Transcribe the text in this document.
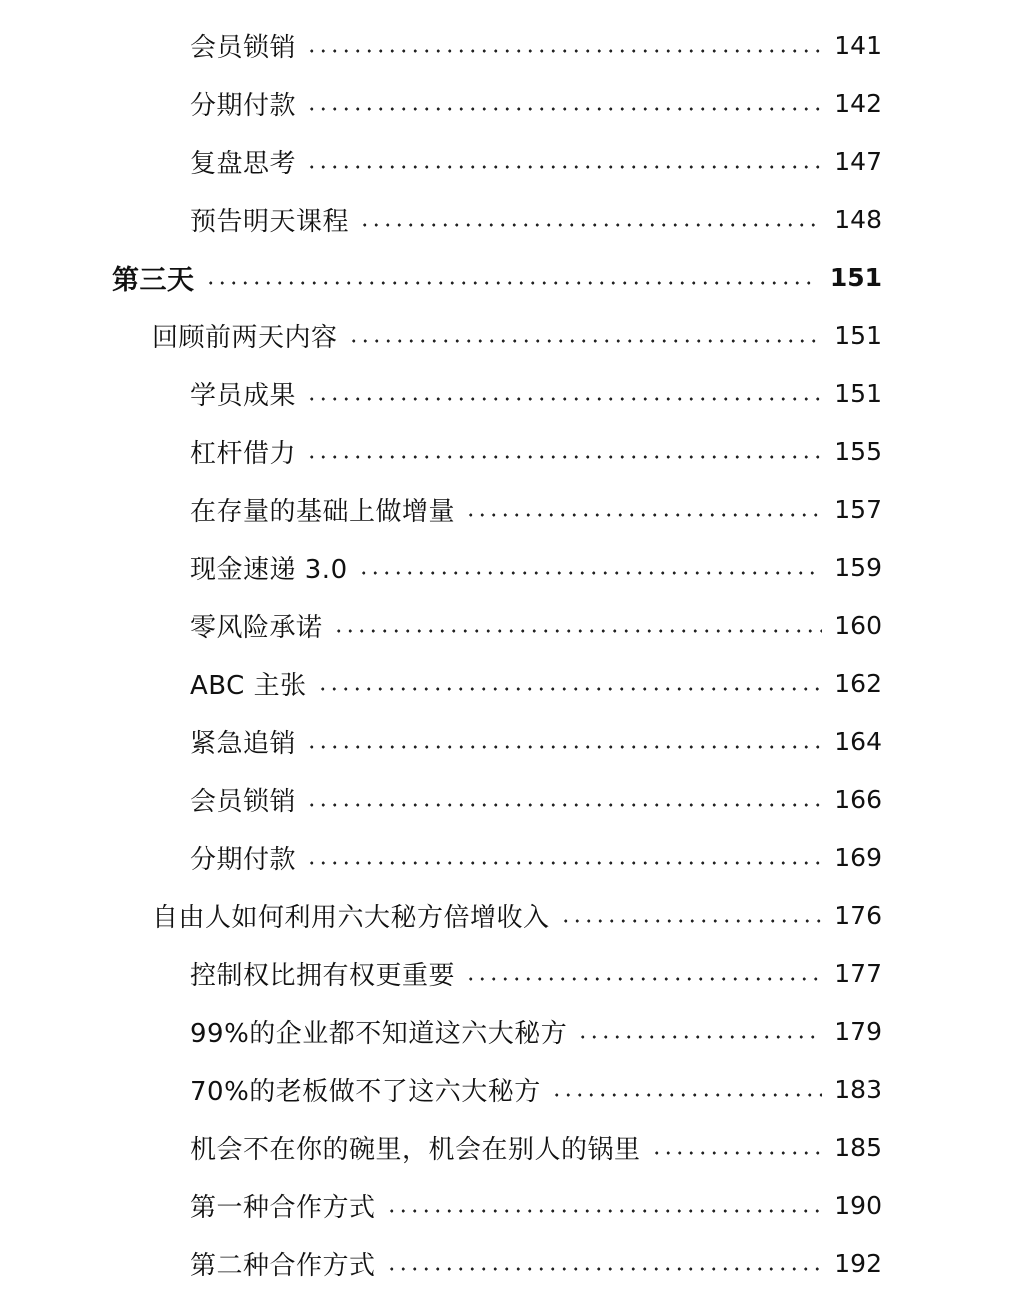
会员锁销	141
分期付款	142
复盘思考	147
预告明天课程	148
第三天	151
回顾前两天内容	151
学员成果	151
杠杆借力	155
在存量的基础上做增量	157
现金速递 3.0	159
零风险承诺	160
ABC 主张	162
紧急追销	164
会员锁销	166
分期付款	169
自由人如何利用六大秘方倍增收入	176
控制权比拥有权更重要	177
99%的企业都不知道这六大秘方	179
70%的老板做不了这六大秘方	183
机会不在你的碗里，机会在别人的锅里	185
第一种合作方式	190
第二种合作方式	192
